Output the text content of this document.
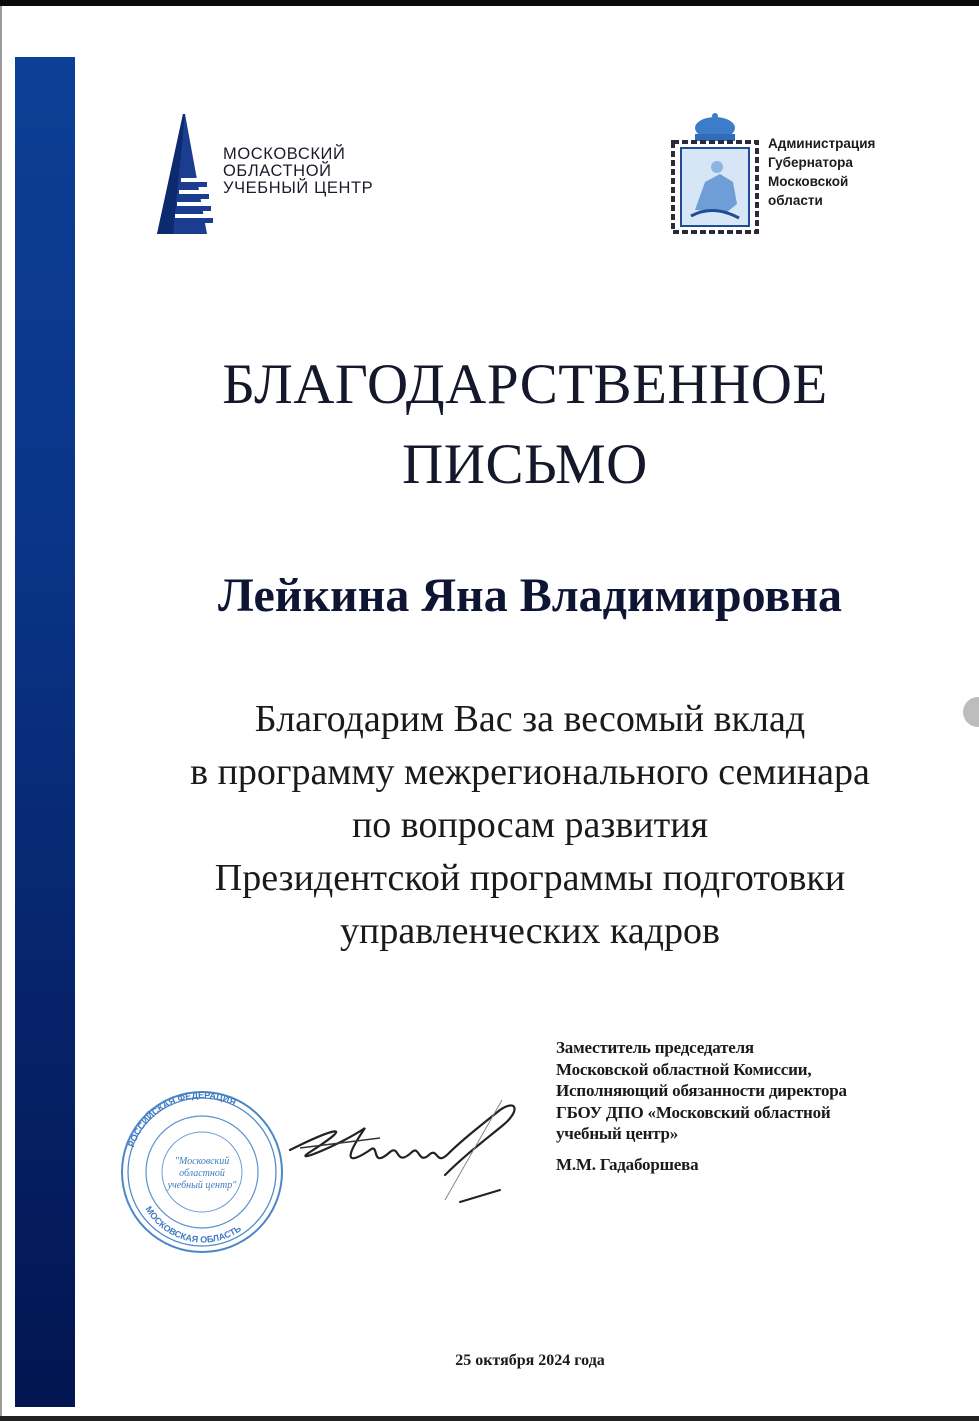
МОСКОВСКИЙ
ОБЛАСТНОЙ
УЧЕБНЫЙ ЦЕНТР
Администрация
Губернатора
Московской
области
БЛАГОДАРСТВЕННОЕ
ПИСЬМО
Лейкина Яна Владимировна
Благодарим Вас за весомый вклад
в программу межрегионального семинара
по вопросам развития
Президентской программы подготовки
управленческих кадров
РОССИЙСКАЯ ФЕДЕРАЦИЯ
МОСКОВСКАЯ ОБЛАСТЬ
"Московский
областной
учебный центр"
Заместитель председателя
Московской областной Комиссии,
Исполняющий обязанности директора
ГБОУ ДПО «Московский областной
учебный центр»
М.М. Гадаборшева
25 октября 2024 года
